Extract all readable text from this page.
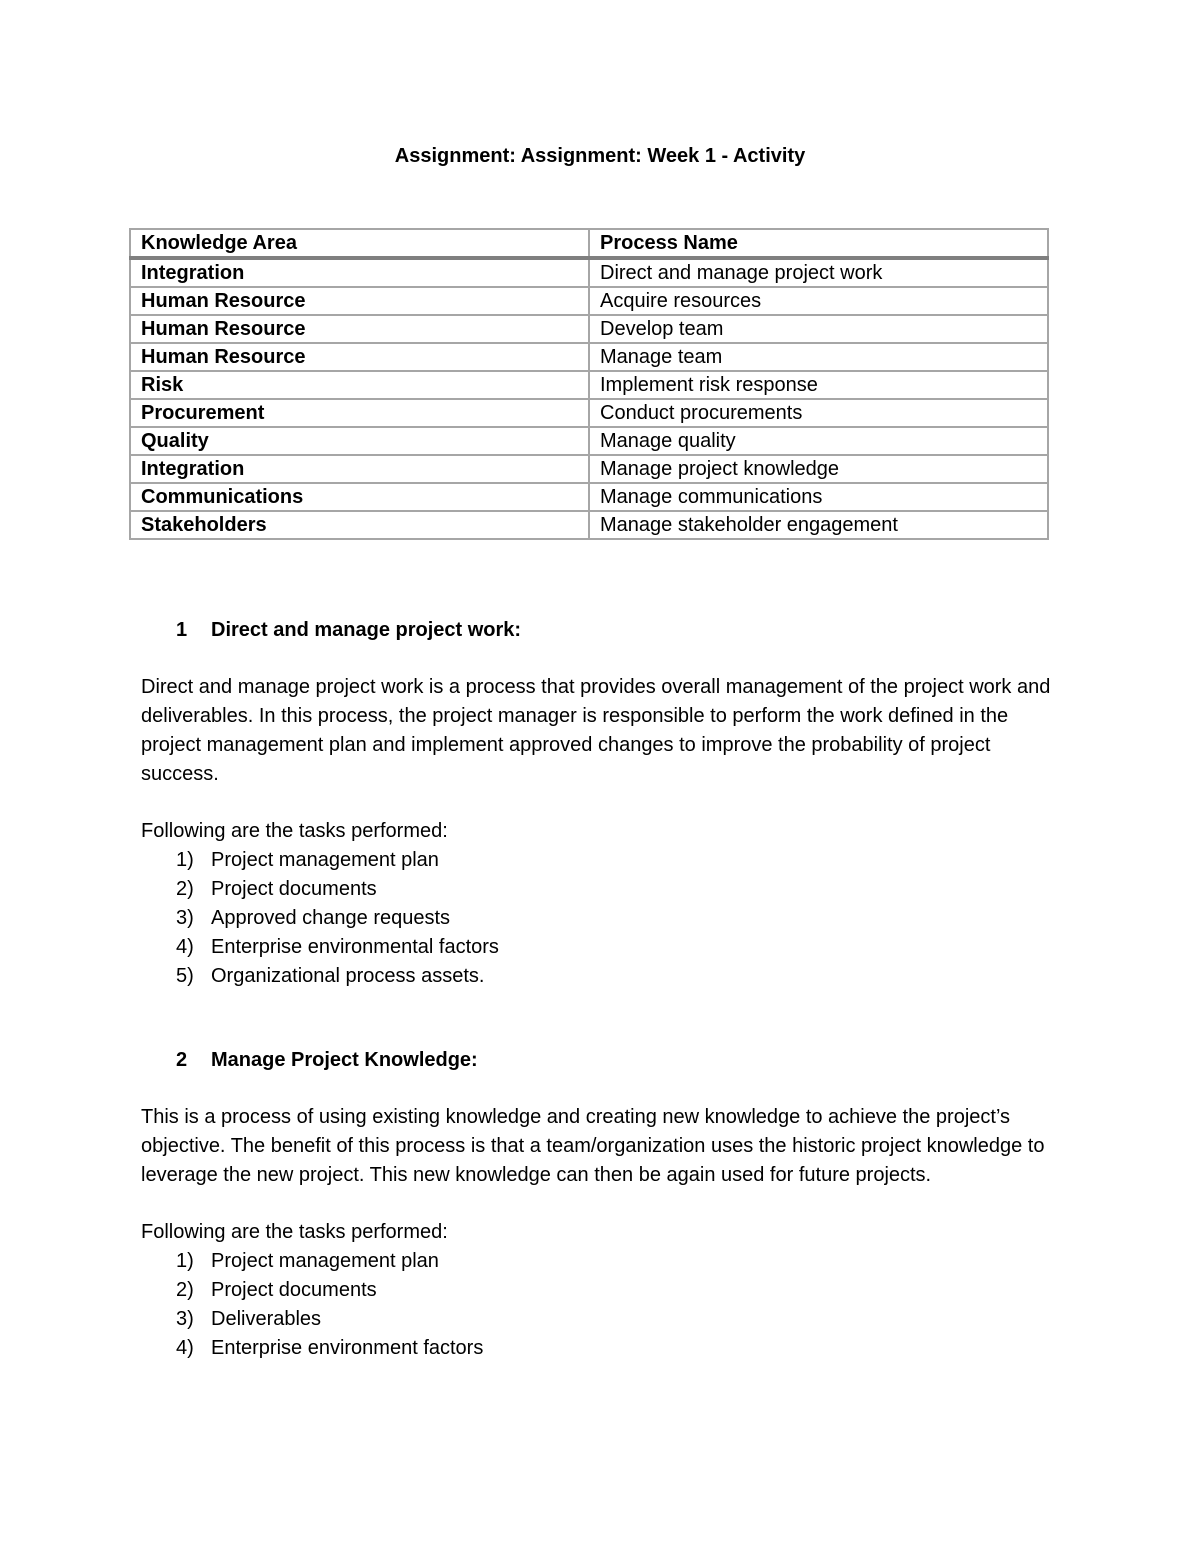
Assignment: Assignment: Week 1 - Activity
Knowledge Area	Process Name
Integration	Direct and manage project work
Human Resource	Acquire resources
Human Resource	Develop team
Human Resource	Manage team
Risk	Implement risk response
Procurement	Conduct procurements
Quality	Manage quality
Integration	Manage project knowledge
Communications	Manage communications
Stakeholders	Manage stakeholder engagement
1	Direct and manage project work:

Direct and manage project work is a process that provides overall management of the project work and deliverables. In this process, the project manager is responsible to perform the work defined in the project management plan and implement approved changes to improve the probability of project success.

Following are the tasks performed:

1) Project management plan
2) Project documents
3) Approved change requests
4) Enterprise environmental factors
5) Organizational process assets.
2	Manage Project Knowledge:

This is a process of using existing knowledge and creating new knowledge to achieve the project’s objective. The benefit of this process is that a team/organization uses the historic project knowledge to leverage the new project. This new knowledge can then be again used for future projects.

Following are the tasks performed:

1) Project management plan
2) Project documents
3) Deliverables
4) Enterprise environment factors
